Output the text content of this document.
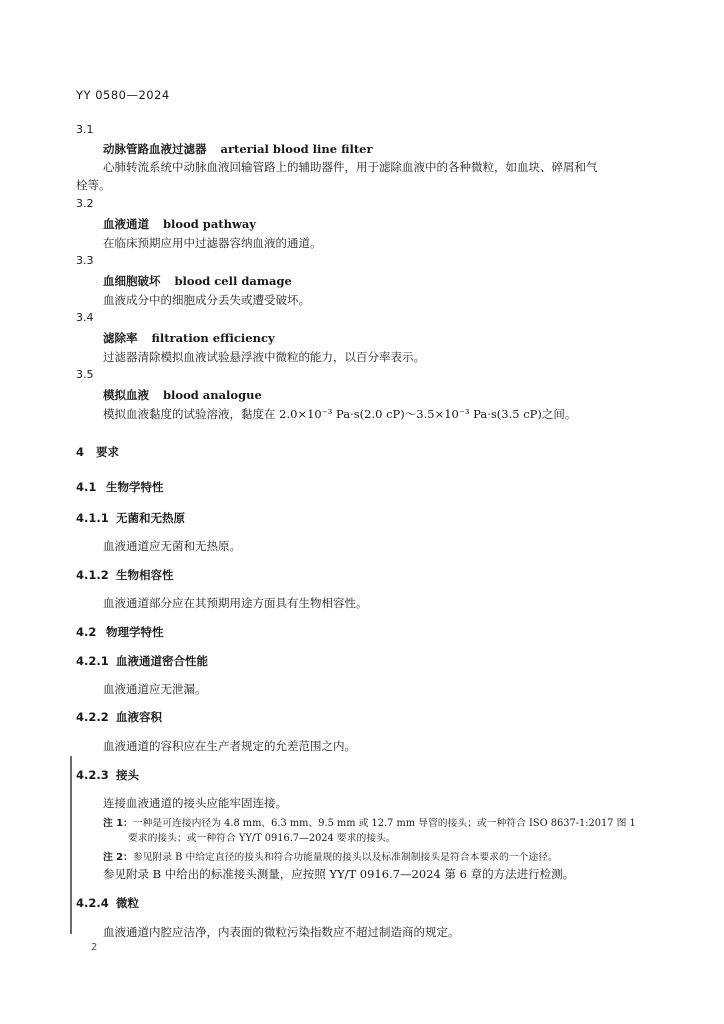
YY 0580—2024
3.1
动脉管路血液过滤器 arterial blood line filter
心肺转流系统中动脉血液回输管路上的辅助器件，用于滤除血液中的各种微粒，如血块、碎屑和气
栓等。
3.2
血液通道 blood pathway
在临床预期应用中过滤器容纳血液的通道。
3.3
血细胞破坏 blood cell damage
血液成分中的细胞成分丢失或遭受破坏。
3.4
滤除率 filtration efficiency
过滤器清除模拟血液试验悬浮液中微粒的能力，以百分率表示。
3.5
模拟血液 blood analogue
模拟血液黏度的试验溶液，黏度在 2.0×10⁻³ Pa·s(2.0 cP)～3.5×10⁻³ Pa·s(3.5 cP)之间。
4 要求
4.1 生物学特性
4.1.1 无菌和无热原
血液通道应无菌和无热原。
4.1.2 生物相容性
血液通道部分应在其预期用途方面具有生物相容性。
4.2 物理学特性
4.2.1 血液通道密合性能
血液通道应无泄漏。
4.2.2 血液容积
血液通道的容积应在生产者规定的允差范围之内。
4.2.3 接头
连接血液通道的接头应能牢固连接。
注 1：一种是可连接内径为 4.8 mm、6.3 mm、9.5 mm 或 12.7 mm 导管的接头；或一种符合 ISO 8637-1:2017 图 1
要求的接头；或一种符合 YY/T 0916.7—2024 要求的接头。
注 2：参见附录 B 中给定直径的接头和符合功能量规的接头以及标准制制接头是符合本要求的一个途径。
参见附录 B 中给出的标准接头测量，应按照 YY/T 0916.7—2024 第 6 章的方法进行检测。
4.2.4 微粒
血液通道内腔应洁净，内表面的微粒污染指数应不超过制造商的规定。
2
